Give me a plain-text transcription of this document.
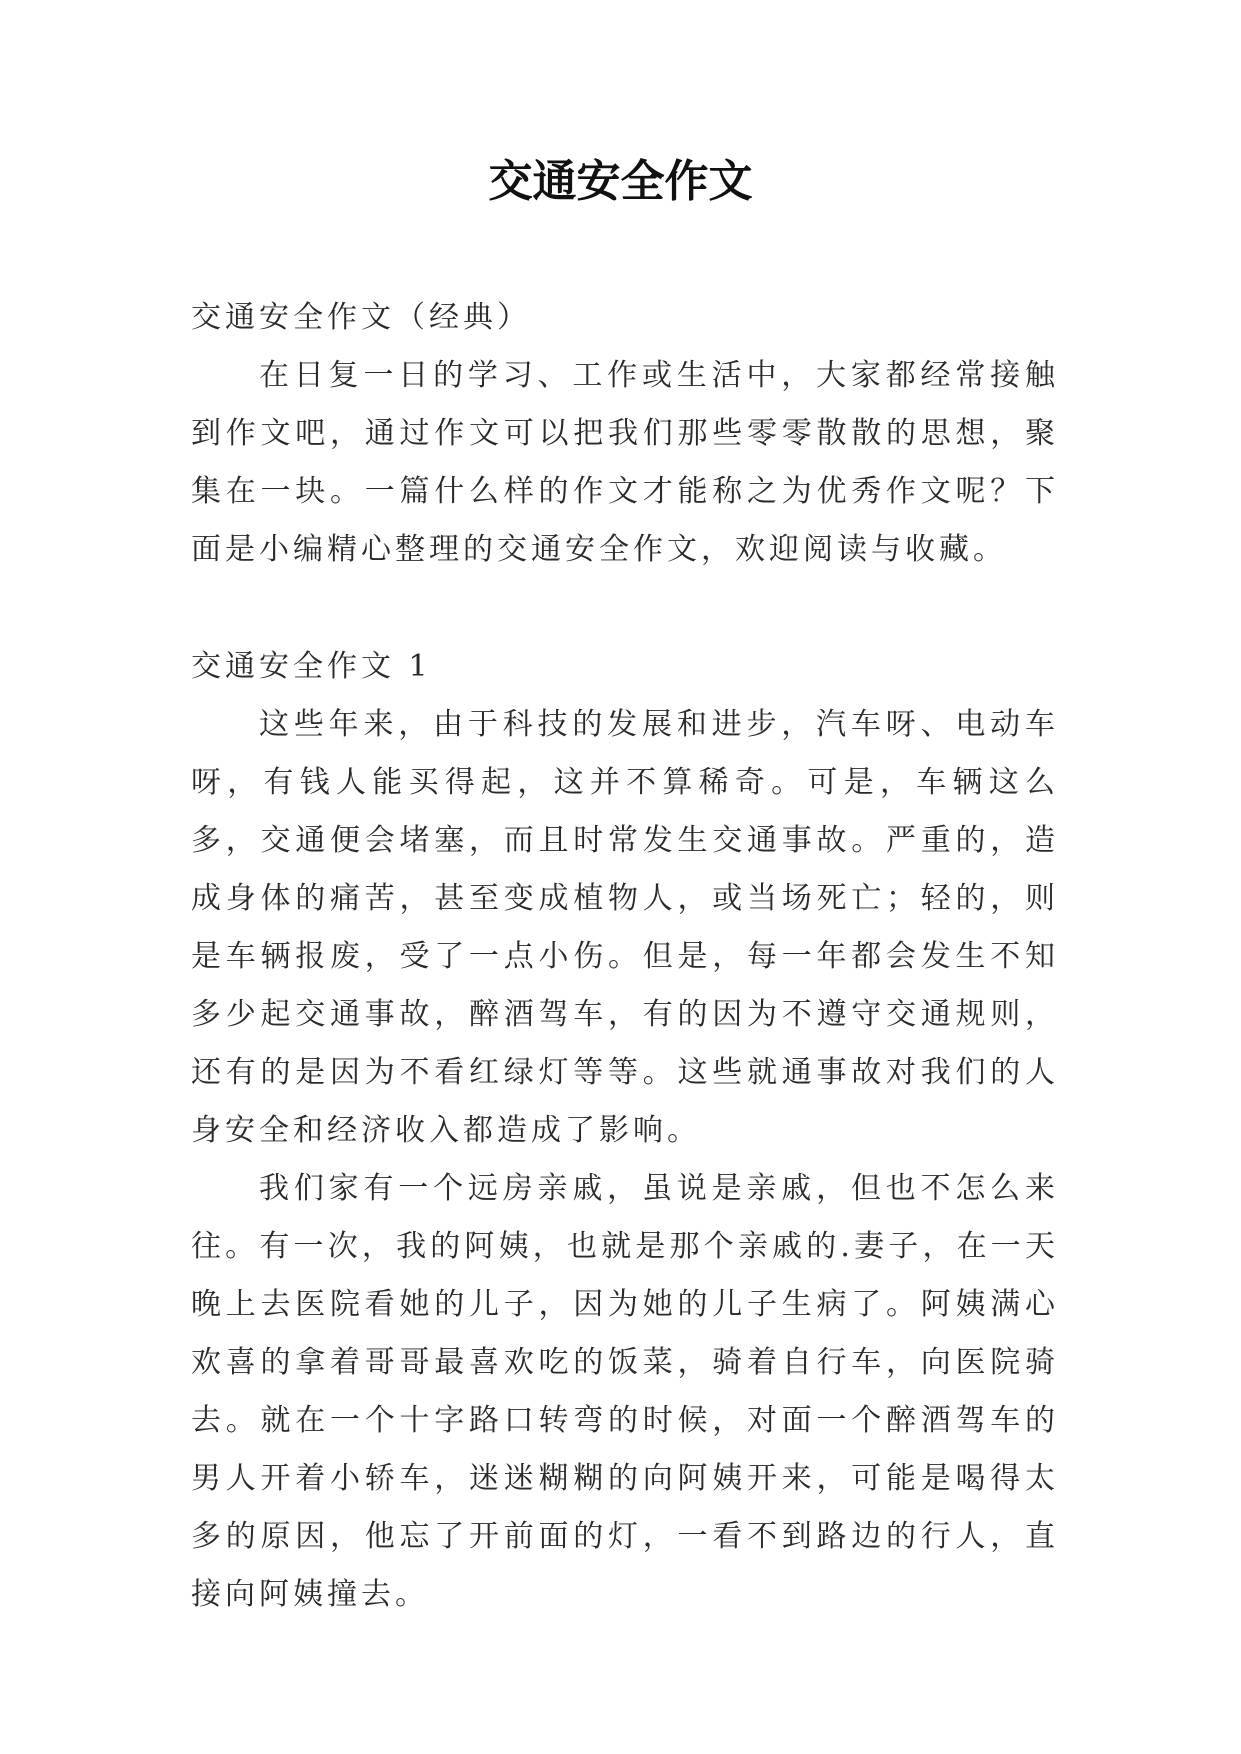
交通安全作文

交通安全作文（经典）

在日复一日的学习、工作或生活中，大家都经常接触到作文吧，通过作文可以把我们那些零零散散的思想，聚集在一块。一篇什么样的作文才能称之为优秀作文呢？下面是小编精心整理的交通安全作文，欢迎阅读与收藏。

交通安全作文 1

这些年来，由于科技的发展和进步，汽车呀、电动车呀，有钱人能买得起，这并不算稀奇。可是，车辆这么多，交通便会堵塞，而且时常发生交通事故。严重的，造成身体的痛苦，甚至变成植物人，或当场死亡；轻的，则是车辆报废，受了一点小伤。但是，每一年都会发生不知多少起交通事故，醉酒驾车，有的因为不遵守交通规则，还有的是因为不看红绿灯等等。这些就通事故对我们的人身安全和经济收入都造成了影响。

我们家有一个远房亲戚，虽说是亲戚，但也不怎么来往。有一次，我的阿姨，也就是那个亲戚的.妻子，在一天晚上去医院看她的儿子，因为她的儿子生病了。阿姨满心欢喜的拿着哥哥最喜欢吃的饭菜，骑着自行车，向医院骑去。就在一个十字路口转弯的时候，对面一个醉酒驾车的男人开着小轿车，迷迷糊糊的向阿姨开来，可能是喝得太多的原因，他忘了开前面的灯，一看不到路边的行人，直接向阿姨撞去。
